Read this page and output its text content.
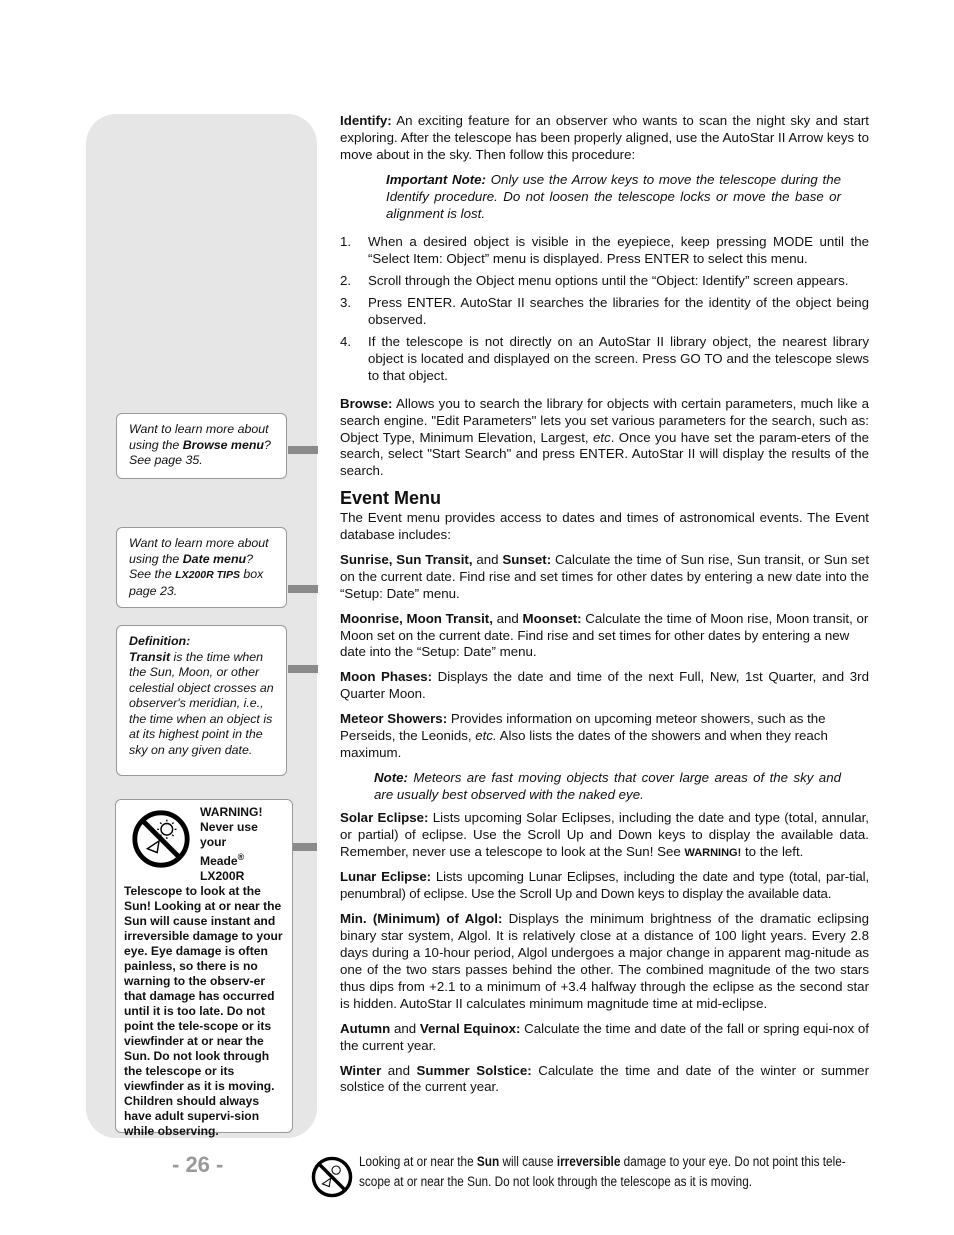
Want to learn more about
using the Browse menu?
See page 35.
Want to learn more about
using the Date menu?
See the LX200R TIPS box
page 23.
Definition:
Transit is the time when the Sun, Moon, or other celestial object crosses an observer's meridian, i.e., the time when an object is at its highest point in the sky on any given date.
WARNING!
Never use your
Meade®
LX200R
Telescope to look at the Sun! Looking at or near the Sun will cause instant and irreversible damage to your eye. Eye damage is often painless, so there is no warning to the observ-er that damage has occurred until it is too late. Do not point the tele-scope or its viewfinder at or near the Sun. Do not look through the telescope or its viewfinder as it is moving. Children should always have adult supervi-sion while observing.
- 26 -

Identify: An exciting feature for an observer who wants to scan the night sky and start exploring. After the telescope has been properly aligned, use the AutoStar II Arrow keys to move about in the sky. Then follow this procedure:

Important Note: Only use the Arrow keys to move the telescope during the Identify procedure. Do not loosen the telescope locks or move the base or alignment is lost.

1.	When a desired object is visible in the eyepiece, keep pressing MODE until the “Select Item: Object” menu is displayed. Press ENTER to select this menu.
2.	Scroll through the Object menu options until the “Object: Identify” screen appears.
3.	Press ENTER. AutoStar II searches the libraries for the identity of the object being observed.
4.	If the telescope is not directly on an AutoStar II library object, the nearest library object is located and displayed on the screen. Press GO TO and the telescope slews to that object.

Browse: Allows you to search the library for objects with certain parameters, much like a search engine. "Edit Parameters" lets you set various parameters for the search, such as: Object Type, Minimum Elevation, Largest, etc. Once you have set the param-eters of the search, select "Start Search" and press ENTER. AutoStar II will display the results of the search.

Event Menu

The Event menu provides access to dates and times of astronomical events. The Event database includes:

Sunrise, Sun Transit, and Sunset: Calculate the time of Sun rise, Sun transit, or Sun set on the current date. Find rise and set times for other dates by entering a new date into the “Setup: Date” menu.

Moonrise, Moon Transit, and Moonset: Calculate the time of Moon rise, Moon transit, or Moon set on the current date. Find rise and set times for other dates by entering a new date into the “Setup: Date” menu.

Moon Phases: Displays the date and time of the next Full, New, 1st Quarter, and 3rd Quarter Moon.

Meteor Showers: Provides information on upcoming meteor showers, such as the Perseids, the Leonids, etc. Also lists the dates of the showers and when they reach maximum.

Note: Meteors are fast moving objects that cover large areas of the sky and are usually best observed with the naked eye.

Solar Eclipse: Lists upcoming Solar Eclipses, including the date and type (total, annular, or partial) of eclipse. Use the Scroll Up and Down keys to display the available data. Remember, never use a telescope to look at the Sun! See WARNING! to the left.

Lunar Eclipse: Lists upcoming Lunar Eclipses, including the date and type (total, par-tial, penumbral) of eclipse. Use the Scroll Up and Down keys to display the available data.

Min. (Minimum) of Algol: Displays the minimum brightness of the dramatic eclipsing binary star system, Algol. It is relatively close at a distance of 100 light years. Every 2.8 days during a 10-hour period, Algol undergoes a major change in apparent mag-nitude as one of the two stars passes behind the other. The combined magnitude of the two stars thus dips from +2.1 to a minimum of +3.4 halfway through the eclipse as the second star is hidden. AutoStar II calculates minimum magnitude time at mid-eclipse.

Autumn and Vernal Equinox: Calculate the time and date of the fall or spring equi-nox of the current year.

Winter and Summer Solstice: Calculate the time and date of the winter or summer solstice of the current year.

Looking at or near the Sun will cause irreversible damage to your eye. Do not point this tele-
scope at or near the Sun. Do not look through the telescope as it is moving.
